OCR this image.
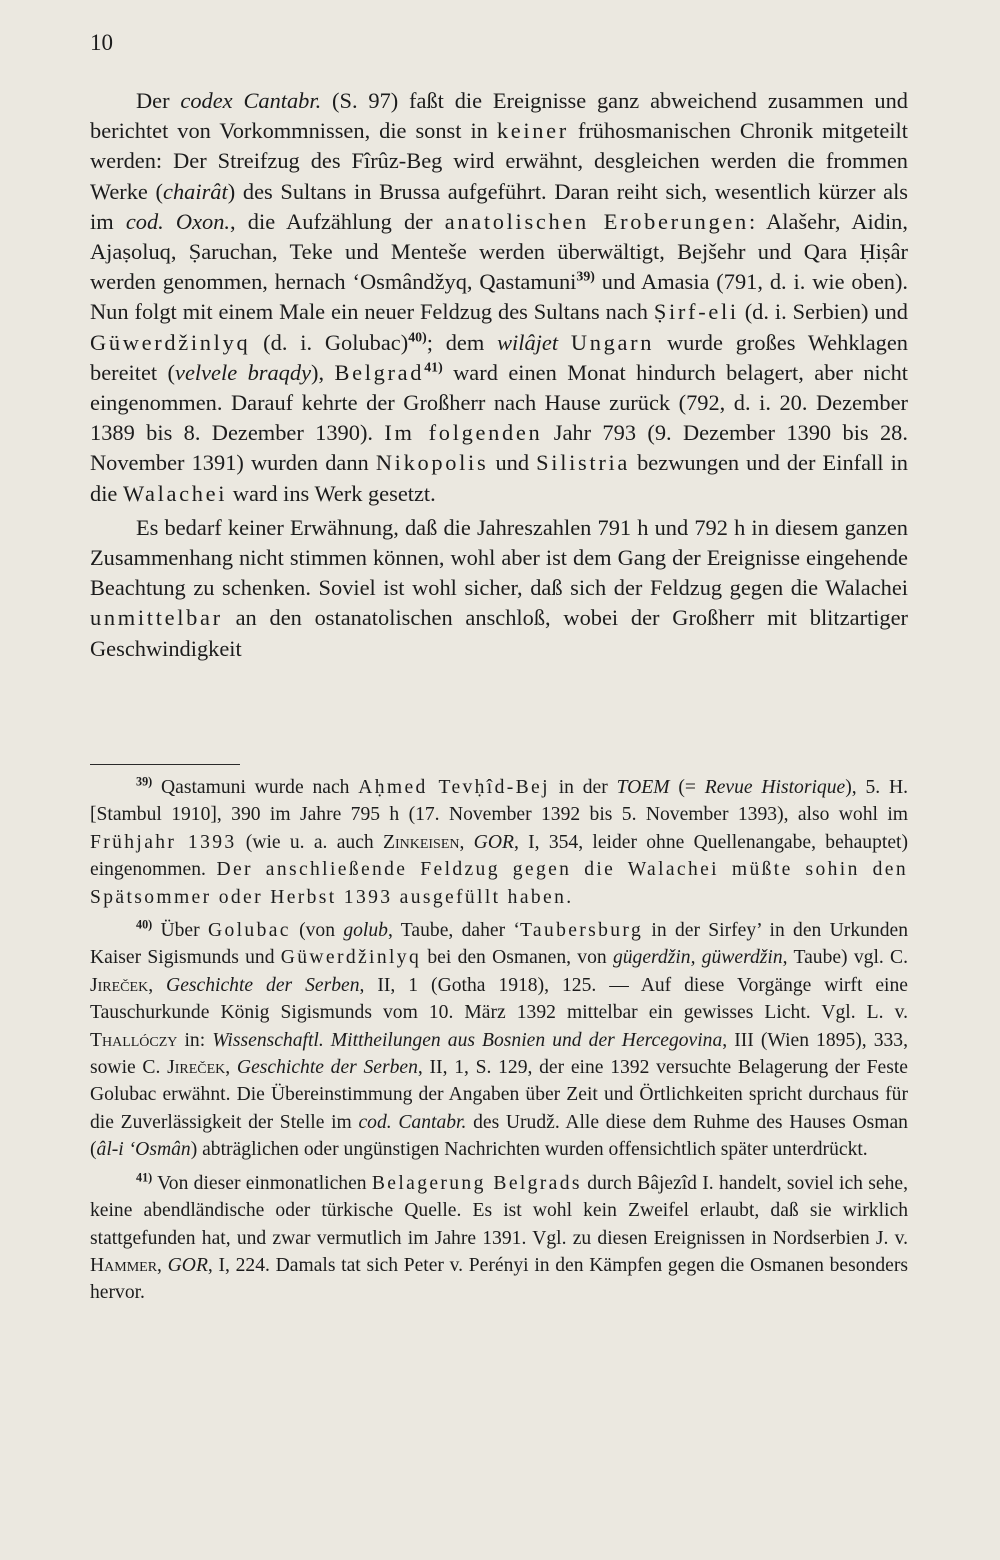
10

Der codex Cantabr. (S. 97) faßt die Ereignisse ganz abweichend zusammen und berichtet von Vorkommnissen, die sonst in keiner frühosmanischen Chronik mitgeteilt werden: Der Streifzug des Fîrûz-Beg wird erwähnt, desgleichen werden die frommen Werke (chairât) des Sultans in Brussa aufgeführt. Daran reiht sich, wesentlich kürzer als im cod. Oxon., die Aufzählung der anatolischen Eroberungen: Alašehr, Aidin, Ajaṣoluq, Ṣaruchan, Teke und Menteše werden überwältigt, Bejšehr und Qara Ḥiṣâr werden genommen, hernach ‘Osmândžyq, Qastamuni$^{39)}$ und Amasia (791, d. i. wie oben). Nun folgt mit einem Male ein neuer Feldzug des Sultans nach Ṣirf-eli (d. i. Serbien) und Güwerdžinlyq (d. i. Golubac)$^{40)}$; dem wilâjet Ungarn wurde großes Wehklagen bereitet (velvele braqdy), Belgrad$^{41)}$ ward einen Monat hindurch belagert, aber nicht eingenommen. Darauf kehrte der Großherr nach Hause zurück (792, d. i. 20. Dezember 1389 bis 8. Dezember 1390). Im folgenden Jahr 793 (9. Dezember 1390 bis 28. November 1391) wurden dann Nikopolis und Silistria bezwungen und der Einfall in die Walachei ward ins Werk gesetzt.

Es bedarf keiner Erwähnung, daß die Jahreszahlen 791 h und 792 h in diesem ganzen Zusammenhang nicht stimmen können, wohl aber ist dem Gang der Ereignisse eingehende Beachtung zu schenken. Soviel ist wohl sicher, daß sich der Feldzug gegen die Walachei unmittelbar an den ostanatolischen anschloß, wobei der Großherr mit blitzartiger Geschwindigkeit

$^{39)}$ Qastamuni wurde nach Aḥmed Tevḥîd-Bej in der TOEM (= Revue Historique), 5. H. [Stambul 1910], 390 im Jahre 795 h (17. November 1392 bis 5. November 1393), also wohl im Frühjahr 1393 (wie u. a. auch Zinkeisen, GOR, I, 354, leider ohne Quellenangabe, behauptet) eingenommen. Der anschließende Feldzug gegen die Walachei müßte sohin den Spätsommer oder Herbst 1393 ausgefüllt haben.

$^{40)}$ Über Golubac (von golub, Taube, daher ‘Taubersburg in der Sirfey’ in den Urkunden Kaiser Sigismunds und Güwerdžinlyq bei den Osmanen, von gügerdžin, güwerdžin, Taube) vgl. C. Jireček, Geschichte der Serben, II, 1 (Gotha 1918), 125. — Auf diese Vorgänge wirft eine Tauschurkunde König Sigismunds vom 10. März 1392 mittelbar ein gewisses Licht. Vgl. L. v. Thallóczy in: Wissenschaftl. Mittheilungen aus Bosnien und der Hercegovina, III (Wien 1895), 333, sowie C. Jireček, Geschichte der Serben, II, 1, S. 129, der eine 1392 versuchte Belagerung der Feste Golubac erwähnt. Die Übereinstimmung der Angaben über Zeit und Örtlichkeiten spricht durchaus für die Zuverlässigkeit der Stelle im cod. Cantabr. des Urudž. Alle diese dem Ruhme des Hauses Osman (âl-i ‘Osmân) abträglichen oder ungünstigen Nachrichten wurden offensichtlich später unterdrückt.

$^{41)}$ Von dieser einmonatlichen Belagerung Belgrads durch Bâjezîd I. handelt, soviel ich sehe, keine abendländische oder türkische Quelle. Es ist wohl kein Zweifel erlaubt, daß sie wirklich stattgefunden hat, und zwar vermutlich im Jahre 1391. Vgl. zu diesen Ereignissen in Nordserbien J. v. Hammer, GOR, I, 224. Damals tat sich Peter v. Perényi in den Kämpfen gegen die Osmanen besonders hervor.
